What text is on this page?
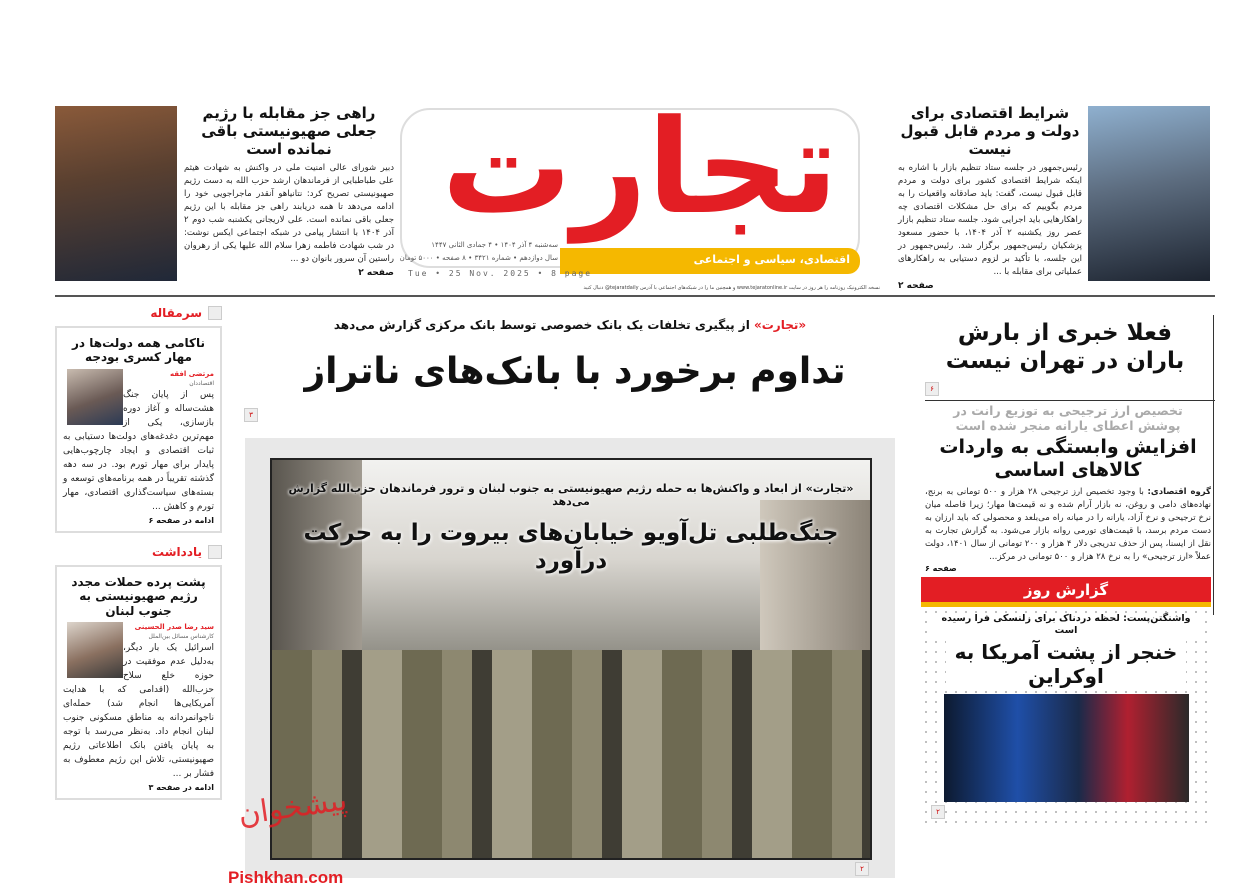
شرایط اقتصادی برای دولت و مردم قابل قبول نیست
رئیس‌جمهور در جلسه ستاد تنظیم بازار با اشاره به اینکه شرایط اقتصادی کشور برای دولت و مردم قابل قبول نیست، گفت: باید صادقانه واقعیات را به مردم بگوییم که برای حل مشکلات اقتصادی چه راهکارهایی باید اجرایی شود. جلسه ستاد تنظیم بازار عصر روز یکشنبه ۲ آذر ۱۴۰۴، با حضور مسعود پزشکیان رئیس‌جمهور برگزار شد. رئیس‌جمهور در این جلسه، با تأکید بر لزوم دستیابی به راهکارهای عملیاتی برای مقابله با ...
صفحه ۲
راهی جز مقابله با رژیم جعلی صهیونیستی باقی نمانده است
دبیر شورای عالی امنیت ملی در واکنش به شهادت هیثم علی طباطبایی از فرماندهان ارشد حزب الله به دست رژیم صهیونیستی تصریح کرد: نتانیاهو آنقدر ماجراجویی خود را ادامه می‌دهد تا همه دریابند راهی جز مقابله با این رژیم جعلی باقی نمانده است. علی لاریجانی یکشنبه شب دوم ۲ آذر ۱۴۰۴ با انتشار پیامی در شبکه اجتماعی ایکس نوشت: در شب شهادت فاطمه زهرا سلام الله علیها یکی از رهروان راستین آن سرور بانوان دو ...
صفحه ۲
اقتصادی، سیاسی و اجتماعی
تجارت
سه‌شنبه ۴ آذر ۱۴۰۴ • ۴ جمادی الثانی ۱۴۴۷
سال دوازدهم • شماره ۳۴۲۱ • ۸ صفحه • ۵۰۰۰ تومان
Tue • 25 Nov. 2025 • 8 page
نسخه الکترونیک روزنامه را هر روز در سایت www.tejaratonline.ir و همچنین ما را در شبکه‌های اجتماعی با آدرس tejaratdaily@ دنبال کنید
سرمقاله
ناکامی همه دولت‌ها در مهار کسری بودجه
مرتضی افقه
اقتصاددان
پس از پایان جنگ هشت‌ساله و آغاز دوره بازسازی، یکی از مهم‌ترین دغدغه‌های دولت‌ها دستیابی به ثبات اقتصادی و ایجاد چارچوب‌هایی پایدار برای مهار تورم بود. در سه دهه گذشته تقریباً در همه برنامه‌های توسعه و بسته‌های سیاست‌گذاری اقتصادی، مهار تورم و کاهش ...
ادامه در صفحه ۶
یادداشت
پشت پرده حملات مجدد رژیم صهیونیستی به جنوب لبنان
سید رضا صدر الحسینی
کارشناس مسائل بین‌الملل
اسرائیل یک بار دیگر، به‌دلیل عدم موفقیت در حوزه خلع سلاح حزب‌الله (اقدامی که با هدایت آمریکایی‌ها انجام شد) حمله‌ای ناجوانمردانه به مناطق مسکونی جنوب لبنان انجام داد. به‌نظر می‌رسد با توجه به پایان یافتن بانک اطلاعاتی رژیم صهیونیستی، تلاش این رژیم معطوف به فشار بر ...
ادامه در صفحه ۳
«تجارت» از پیگیری تخلفات یک بانک خصوصی توسط بانک مرکزی گزارش می‌دهد
تداوم برخورد با بانک‌های ناتراز
۳
«تجارت» از ابعاد و واکنش‌ها به حمله رژیم صهیونیستی به جنوب لبنان و ترور فرماندهان حزب‌الله گزارش می‌دهد
جنگ‌طلبی تل‌آویو خیابان‌های بیروت را به حرکت درآورد
۲
فعلا خبری از بارش باران در تهران نیست
۶
تخصیص ارز ترجیحی به توزیع رانت در پوشش اعطای یارانه منجر شده است
افزایش وابستگی به واردات کالاهای اساسی
گروه اقتصادی: با وجود تخصیص ارز ترجیحی ۲۸ هزار و ۵۰۰ تومانی به برنج، نهاده‌های دامی و روغن، نه بازار آرام شده و نه قیمت‌ها مهار؛ زیرا فاصله میان نرخ ترجیحی و نرخ آزاد، یارانه را در میانه راه می‌بلعد و محصولی که باید ارزان به دست مردم برسد، با قیمت‌های تورمی روانه بازار می‌شود. به گزارش تجارت به نقل از ایسنا، پس از حذف تدریجی دلار ۴ هزار و ۲۰۰ تومانی از سال ۱۴۰۱، دولت عملاً «ارز ترجیحی» را به نرخ ۲۸ هزار و ۵۰۰ تومانی در مرکز...
صفحه ۶
گزارش روز
واشنگتن‌پست: لحظه دردناک برای زلنسکی فرا رسیده است
خنجر از پشت آمریکا به اوکراین
۲
پیشخوان
Pishkhan.com
